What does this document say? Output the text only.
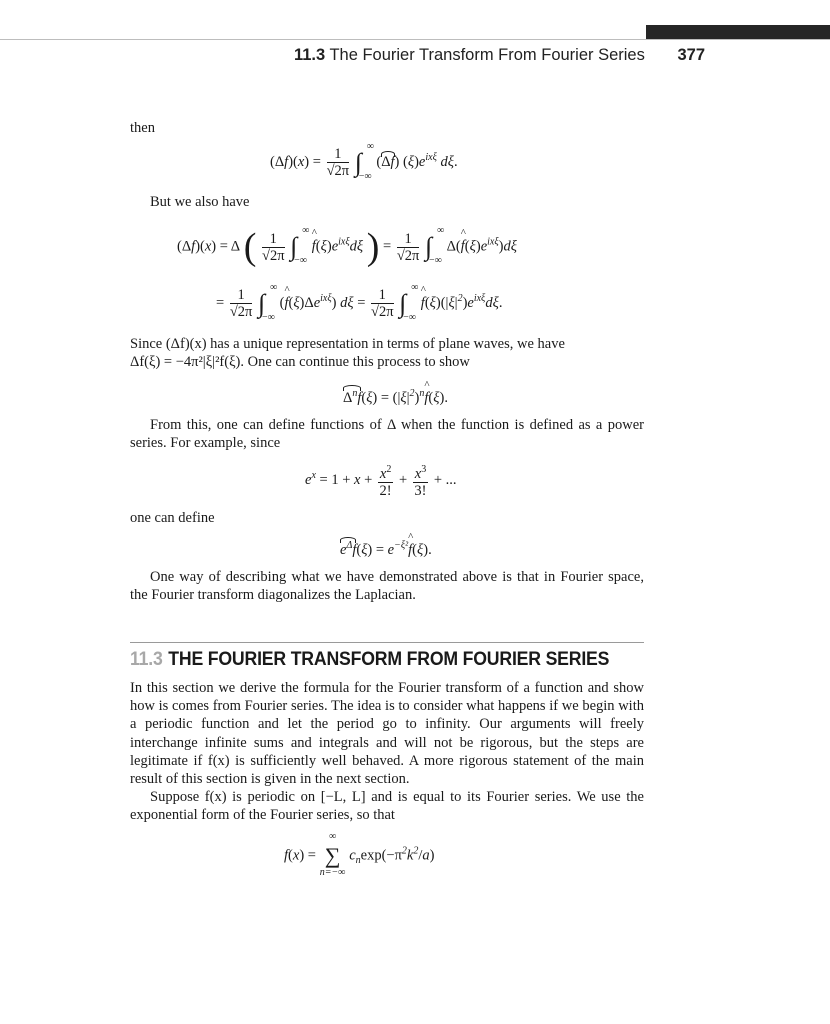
11.3 The Fourier Transform From Fourier Series 377
then
$(\Delta f)(x) = \frac{1}{√2\pi}$ ∫
∞
−∞
(Δf) $(\xi)e^{ix\xi}$ dξ.
But we also have
(Δf)(x) = Δ ( $\frac{1}{√2\pi}$ ∫
∞
−∞
^ $f(\xi)e^{ix\xi}d\xi$ ) = $\frac{1}{√2\pi}$ ∫
∞
−∞
Δ(^ $f(\xi)e^{ix\xi})d\xi$
= $\frac{1}{√2\pi}$ ∫
∞
−∞
(^ $f(\xi)\Delta e^{ix\xi}$) $d\xi = \frac{1}{√2\pi}$ ∫
∞
−∞
^ $f(\xi)(|\xi|^2)e^{ix\xi}d\xi$.
Since (Δf)(x) has a unique representation in terms of plane waves, we have
Δf(ξ) = −4π²|ξ|²f(ξ). One can continue this process to show
$\Delta^nf(\xi)$ = $(|\xi|^2)^n\^{}$ f(ξ).
From this, one can define functions of Δ when the function is defined as a power series. For example, since
$e^x = 1 + x + \frac{x^2}{2!} + \frac{x^3}{3!}$ + ...
one can define
$e^\Delta f(\xi)$ = $e^{-\xi^2}\^{}$ f(ξ).
One way of describing what we have demonstrated above is that in Fourier space, the Fourier transform diagonalizes the Laplacian.
11.3 THE FOURIER TRANSFORM FROM FOURIER SERIES
In this section we derive the formula for the Fourier transform of a function and show how is comes from Fourier series. The idea is to consider what happens if we begin with a periodic function and let the period go to infinity. Our arguments will freely interchange infinite sums and integrals and will not be rigorous, but the steps are legitimate if f(x) is sufficiently well behaved. A more rigorous statement of the main result of this section is given in the next section.
Suppose f(x) is periodic on [−L, L] and is equal to its Fourier series. We use the exponential form of the Fourier series, so that
f(x) = ∑
∞
n=−∞
$c_n\exp(-\pi^2k^2/a)$
